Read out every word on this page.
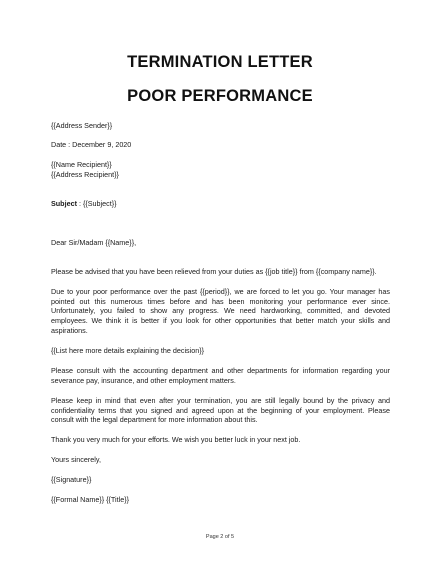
TERMINATION LETTER
POOR PERFORMANCE

{{Address Sender}}

Date : December 9, 2020

{{Name Recipient}}

{{Address Recipient}}

Subject : {{Subject}}

Dear Sir/Madam {{Name}},

Please be advised that you have been relieved from your duties as {{job title}} from {{company name}}.

Due to your poor performance over the past {{period}}, we are forced to let you go. Your manager has pointed out this numerous times before and has been monitoring your performance ever since. Unfortunately, you failed to show any progress. We need hardworking, committed, and devoted employees. We think it is better if you look for other opportunities that better match your skills and aspirations.

{{List here more details explaining the decision}}

Please consult with the accounting department and other departments for information regarding your severance pay, insurance, and other employment matters.

Please keep in mind that even after your termination, you are still legally bound by the privacy and confidentiality terms that you signed and agreed upon at the beginning of your employment. Please consult with the legal department for more information about this.

Thank you very much for your efforts. We wish you better luck in your next job.

Yours sincerely,

{{Signature}}

{{Formal Name}} {{Title}}

Page 2 of 5
